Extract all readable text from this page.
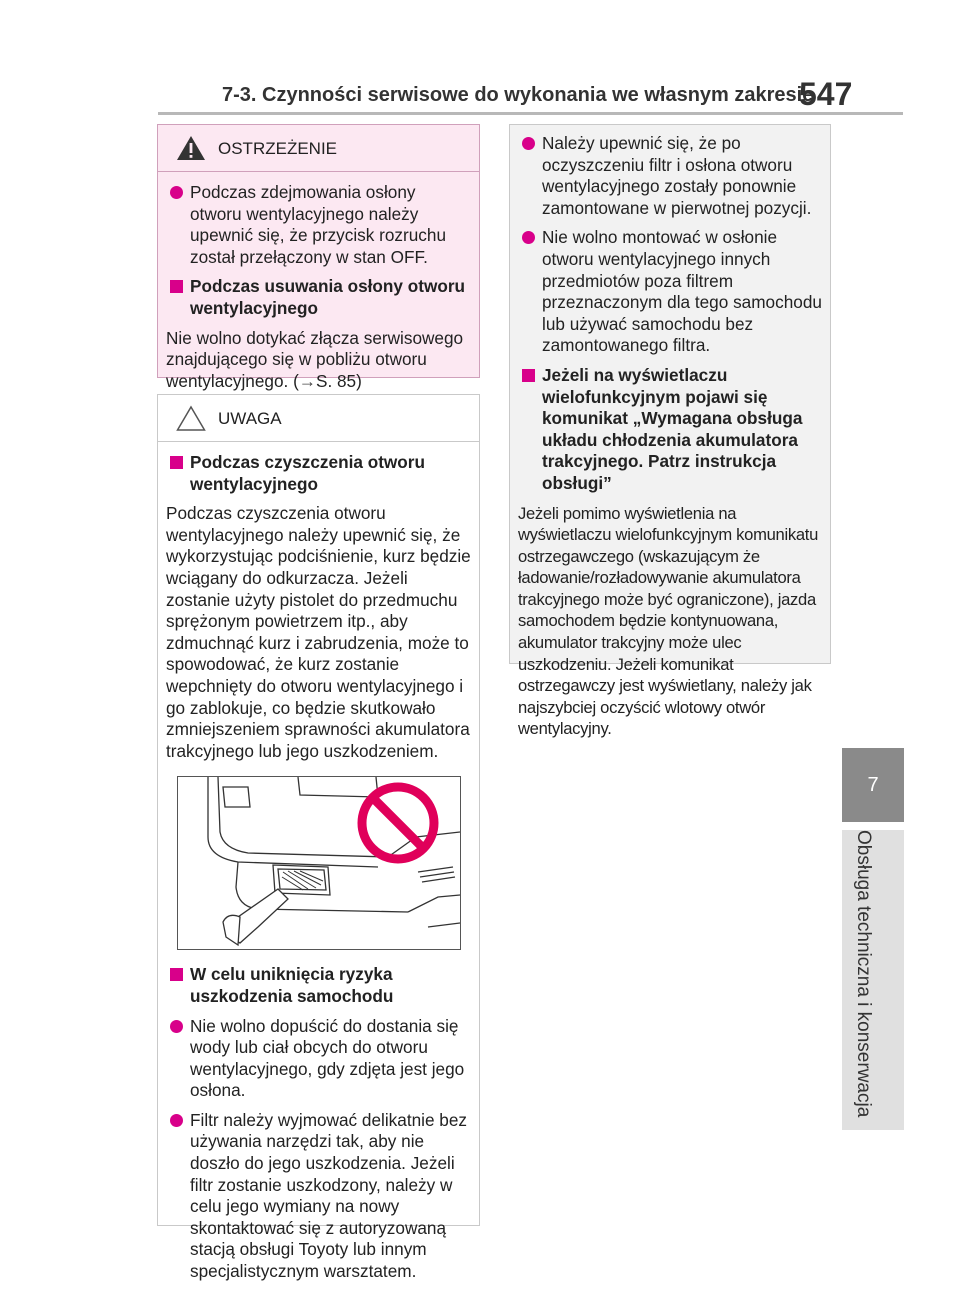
7-3. Czynności serwisowe do wykonania we własnym zakresie
547
7
Obsługa techniczna i konserwacja
OSTRZEŻENIE

Podczas zdejmowania osłony otworu wentylacyjnego należy upewnić się, że przycisk rozruchu został przełączony w stan OFF.

Podczas usuwania osłony otworu wentylacyjnego

Nie wolno dotykać złącza serwisowego znajdującego się w pobliżu otworu wentylacyjnego. (→S. 85)

UWAGA

Podczas czyszczenia otworu wentylacyjnego

Podczas czyszczenia otworu wentylacyjnego należy upewnić się, że wykorzystując podciśnienie, kurz będzie wciągany do odkurzacza. Jeżeli zostanie użyty pistolet do przedmuchu sprężonym powietrzem itp., aby zdmuchnąć kurz i zabrudzenia, może to spowodować, że kurz zostanie wepchnięty do otworu wentylacyjnego i go zablokuje, co będzie skutkowało zmniejszeniem sprawności akumulatora trakcyjnego lub jego uszkodzeniem.

W celu uniknięcia ryzyka uszkodzenia samochodu

Nie wolno dopuścić do dostania się wody lub ciał obcych do otworu wentylacyjnego, gdy zdjęta jest jego osłona.

Filtr należy wyjmować delikatnie bez używania narzędzi tak, aby nie doszło do jego uszkodzenia. Jeżeli filtr zostanie uszkodzony, należy w celu jego wymiany na nowy skontaktować się z autoryzowaną stacją obsługi Toyoty lub innym specjalistycznym warsztatem.

Należy upewnić się, że po oczyszczeniu filtr i osłona otworu wentylacyjnego zostały ponownie zamontowane w pierwotnej pozycji.

Nie wolno montować w osłonie otworu wentylacyjnego innych przedmiotów poza filtrem przeznaczonym dla tego samochodu lub używać samochodu bez zamontowanego filtra.

Jeżeli na wyświetlaczu wielofunkcyjnym pojawi się komunikat „Wymagana obsługa układu chłodzenia akumulatora trakcyjnego. Patrz instrukcja obsługi”

Jeżeli pomimo wyświetlenia na wyświetlaczu wielofunkcyjnym komunikatu ostrzegawczego (wskazującym że ładowanie/rozładowywanie akumulatora trakcyjnego może być ograniczone), jazda samochodem będzie kontynuowana, akumulator trakcyjny może ulec uszkodzeniu. Jeżeli komunikat ostrzegawczy jest wyświetlany, należy jak najszybciej oczyścić wlotowy otwór wentylacyjny.
